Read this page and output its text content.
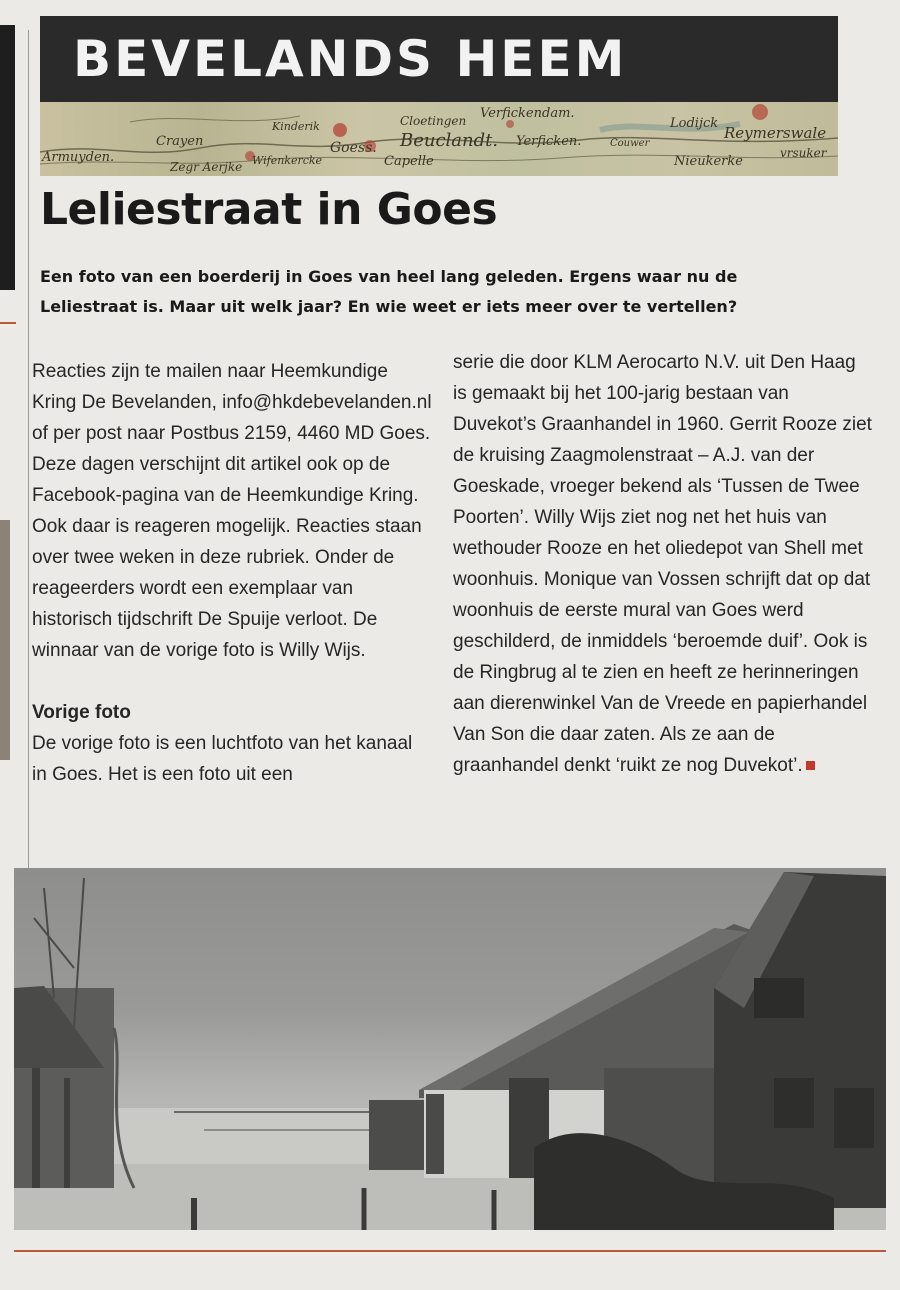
BEVELANDS HEEM
Armuyden.
Crayen
Kinderik
Goess.
Cloetingen Verfickendam.
Beuclandt.
Lodijck
Reymerswale
Zegr Aerjke Wifenkercke	Capelle
Yerficken.	Couwer
Nieukerke
vrsuker
Leliestraat in Goes
Een foto van een boerderij in Goes van heel lang geleden. Ergens waar nu de Leliestraat is. Maar uit welk jaar? En wie weet er iets meer over te vertellen?

Reacties zijn te mailen naar Heemkundige Kring De Bevelanden, info@hkdebevelanden.nl of per post naar Postbus 2159, 4460 MD Goes. Deze dagen verschijnt dit artikel ook op de Facebook-pagina van de Heemkundige Kring. Ook daar is reageren mogelijk. Reacties staan over twee weken in deze rubriek. Onder de reageerders wordt een exemplaar van historisch tijdschrift De Spuije verloot. De winnaar van de vorige foto is Willy Wijs.

Vorige foto

De vorige foto is een luchtfoto van het kanaal in Goes. Het is een foto uit een

serie die door KLM Aerocarto N.V. uit Den Haag is gemaakt bij het 100-jarig bestaan van Duvekot’s Graanhandel in 1960. Gerrit Rooze ziet de kruising Zaagmolenstraat – A.J. van der Goeskade, vroeger bekend als ‘Tussen de Twee Poorten’. Willy Wijs ziet nog net het huis van wethouder Rooze en het oliedepot van Shell met woonhuis. Monique van Vossen schrijft dat op dat woonhuis de eerste mural van Goes werd geschilderd, de inmiddels ‘beroemde duif’. Ook is de Ringbrug al te zien en heeft ze herinneringen aan dierenwinkel Van de Vreede en papierhandel Van Son die daar zaten. Als ze aan de graanhandel denkt ‘ruikt ze nog Duvekot’.
